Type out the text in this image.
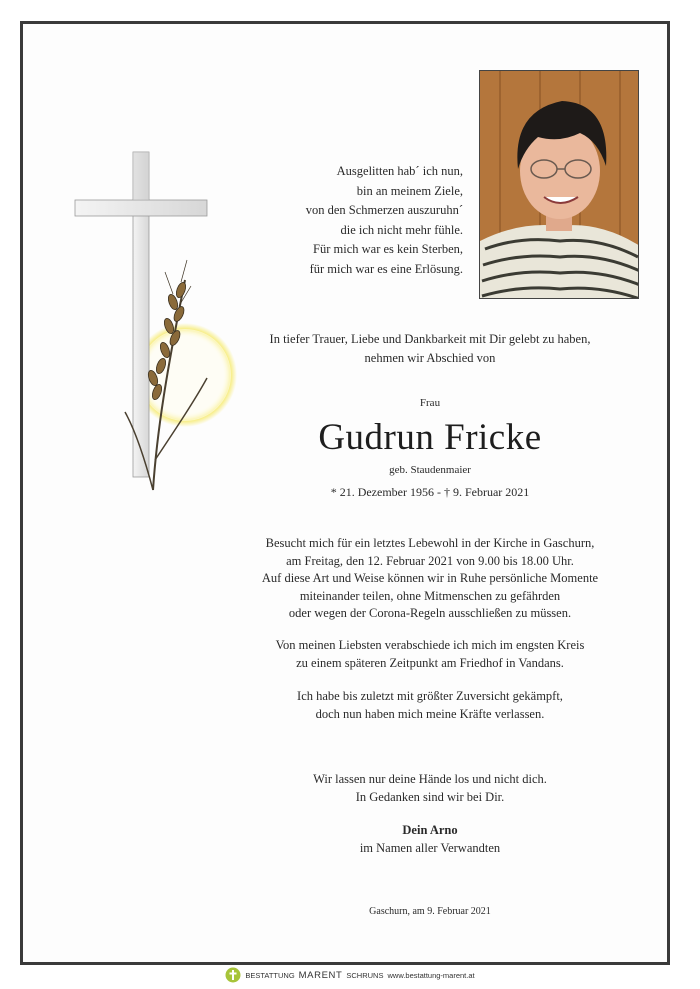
Ausgelitten hab´ ich nun,
bin an meinem Ziele,
von den Schmerzen auszuruhn´
die ich nicht mehr fühle.
Für mich war es kein Sterben,
für mich war es eine Erlösung.
In tiefer Trauer, Liebe und Dankbarkeit mit Dir gelebt zu haben,
nehmen wir Abschied von
Frau
Gudrun Fricke
geb. Staudenmaier
* 21. Dezember 1956 - † 9. Februar 2021
Besucht mich für ein letztes Lebewohl in der Kirche in Gaschurn,
am Freitag, den 12. Februar 2021 von 9.00 bis 18.00 Uhr.
Auf diese Art und Weise können wir in Ruhe persönliche Momente
miteinander teilen, ohne Mitmenschen zu gefährden
oder wegen der Corona-Regeln ausschließen zu müssen.
Von meinen Liebsten verabschiede ich mich im engsten Kreis
zu einem späteren Zeitpunkt am Friedhof in Vandans.
Ich habe bis zuletzt mit größter Zuversicht gekämpft,
doch nun haben mich meine Kräfte verlassen.
Wir lassen nur deine Hände los und nicht dich.
In Gedanken sind wir bei Dir.
Dein Arno
im Namen aller Verwandten
Gaschurn, am 9. Februar 2021
BESTATTUNG MARENT SCHRUNS www.bestattung-marent.at
